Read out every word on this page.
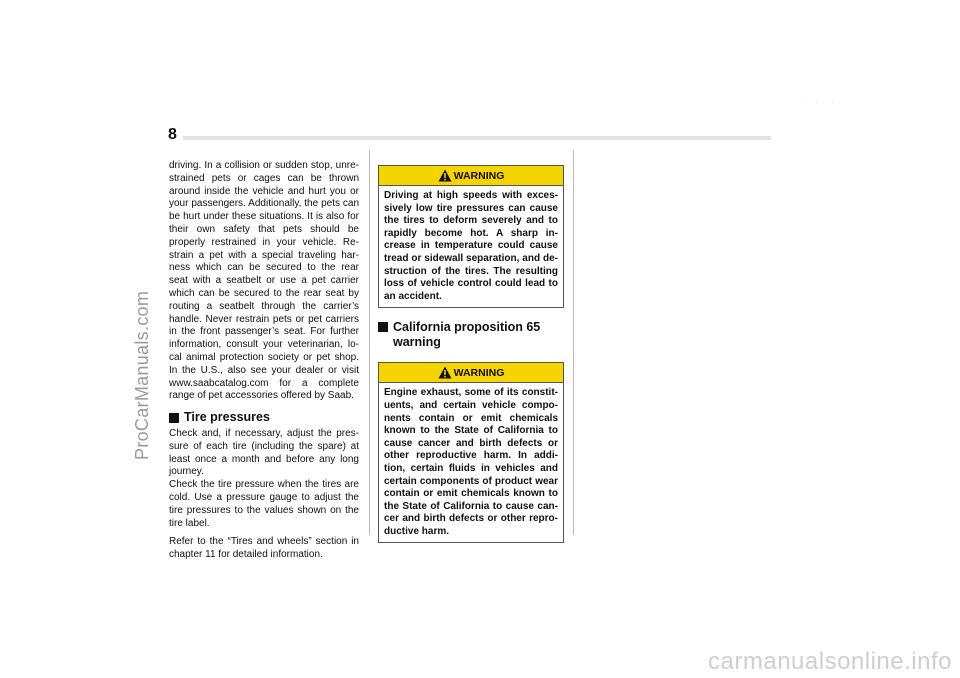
ProCarManuals.com
carmanualsonline.info
· · ·	· · ·
8

driving. In a collision or sudden stop, unre-strained pets or cages can be thrown around inside the vehicle and hurt you or your passengers. Additionally, the pets can be hurt under these situations. It is also for their own safety that pets should be properly restrained in your vehicle. Re-strain a pet with a special traveling har-ness which can be secured to the rear seat with a seatbelt or use a pet carrier which can be secured to the rear seat by routing a seatbelt through the carrier’s handle. Never restrain pets or pet carriers in the front passenger’s seat. For further information, consult your veterinarian, lo-cal animal protection society or pet shop. In the U.S., also see your dealer or visit www.saabcatalog.com for a complete range of pet accessories offered by Saab.

Tire pressures

Check and, if necessary, adjust the pres-sure of each tire (including the spare) at least once a month and before any long journey.

Check the tire pressure when the tires are cold. Use a pressure gauge to adjust the tire pressures to the values shown on the tire label.

Refer to the “Tires and wheels” section in chapter 11 for detailed information.

WARNING
Driving at high speeds with exces-sively low tire pressures can cause the tires to deform severely and to rapidly become hot. A sharp in-crease in temperature could cause tread or sidewall separation, and de-struction of the tires. The resulting loss of vehicle control could lead to an accident.
California proposition 65 warning
WARNING
Engine exhaust, some of its constit-uents, and certain vehicle compo-nents contain or emit chemicals known to the State of California to cause cancer and birth defects or other reproductive harm. In addi-tion, certain fluids in vehicles and certain components of product wear contain or emit chemicals known to the State of California to cause can-cer and birth defects or other repro-ductive harm.
